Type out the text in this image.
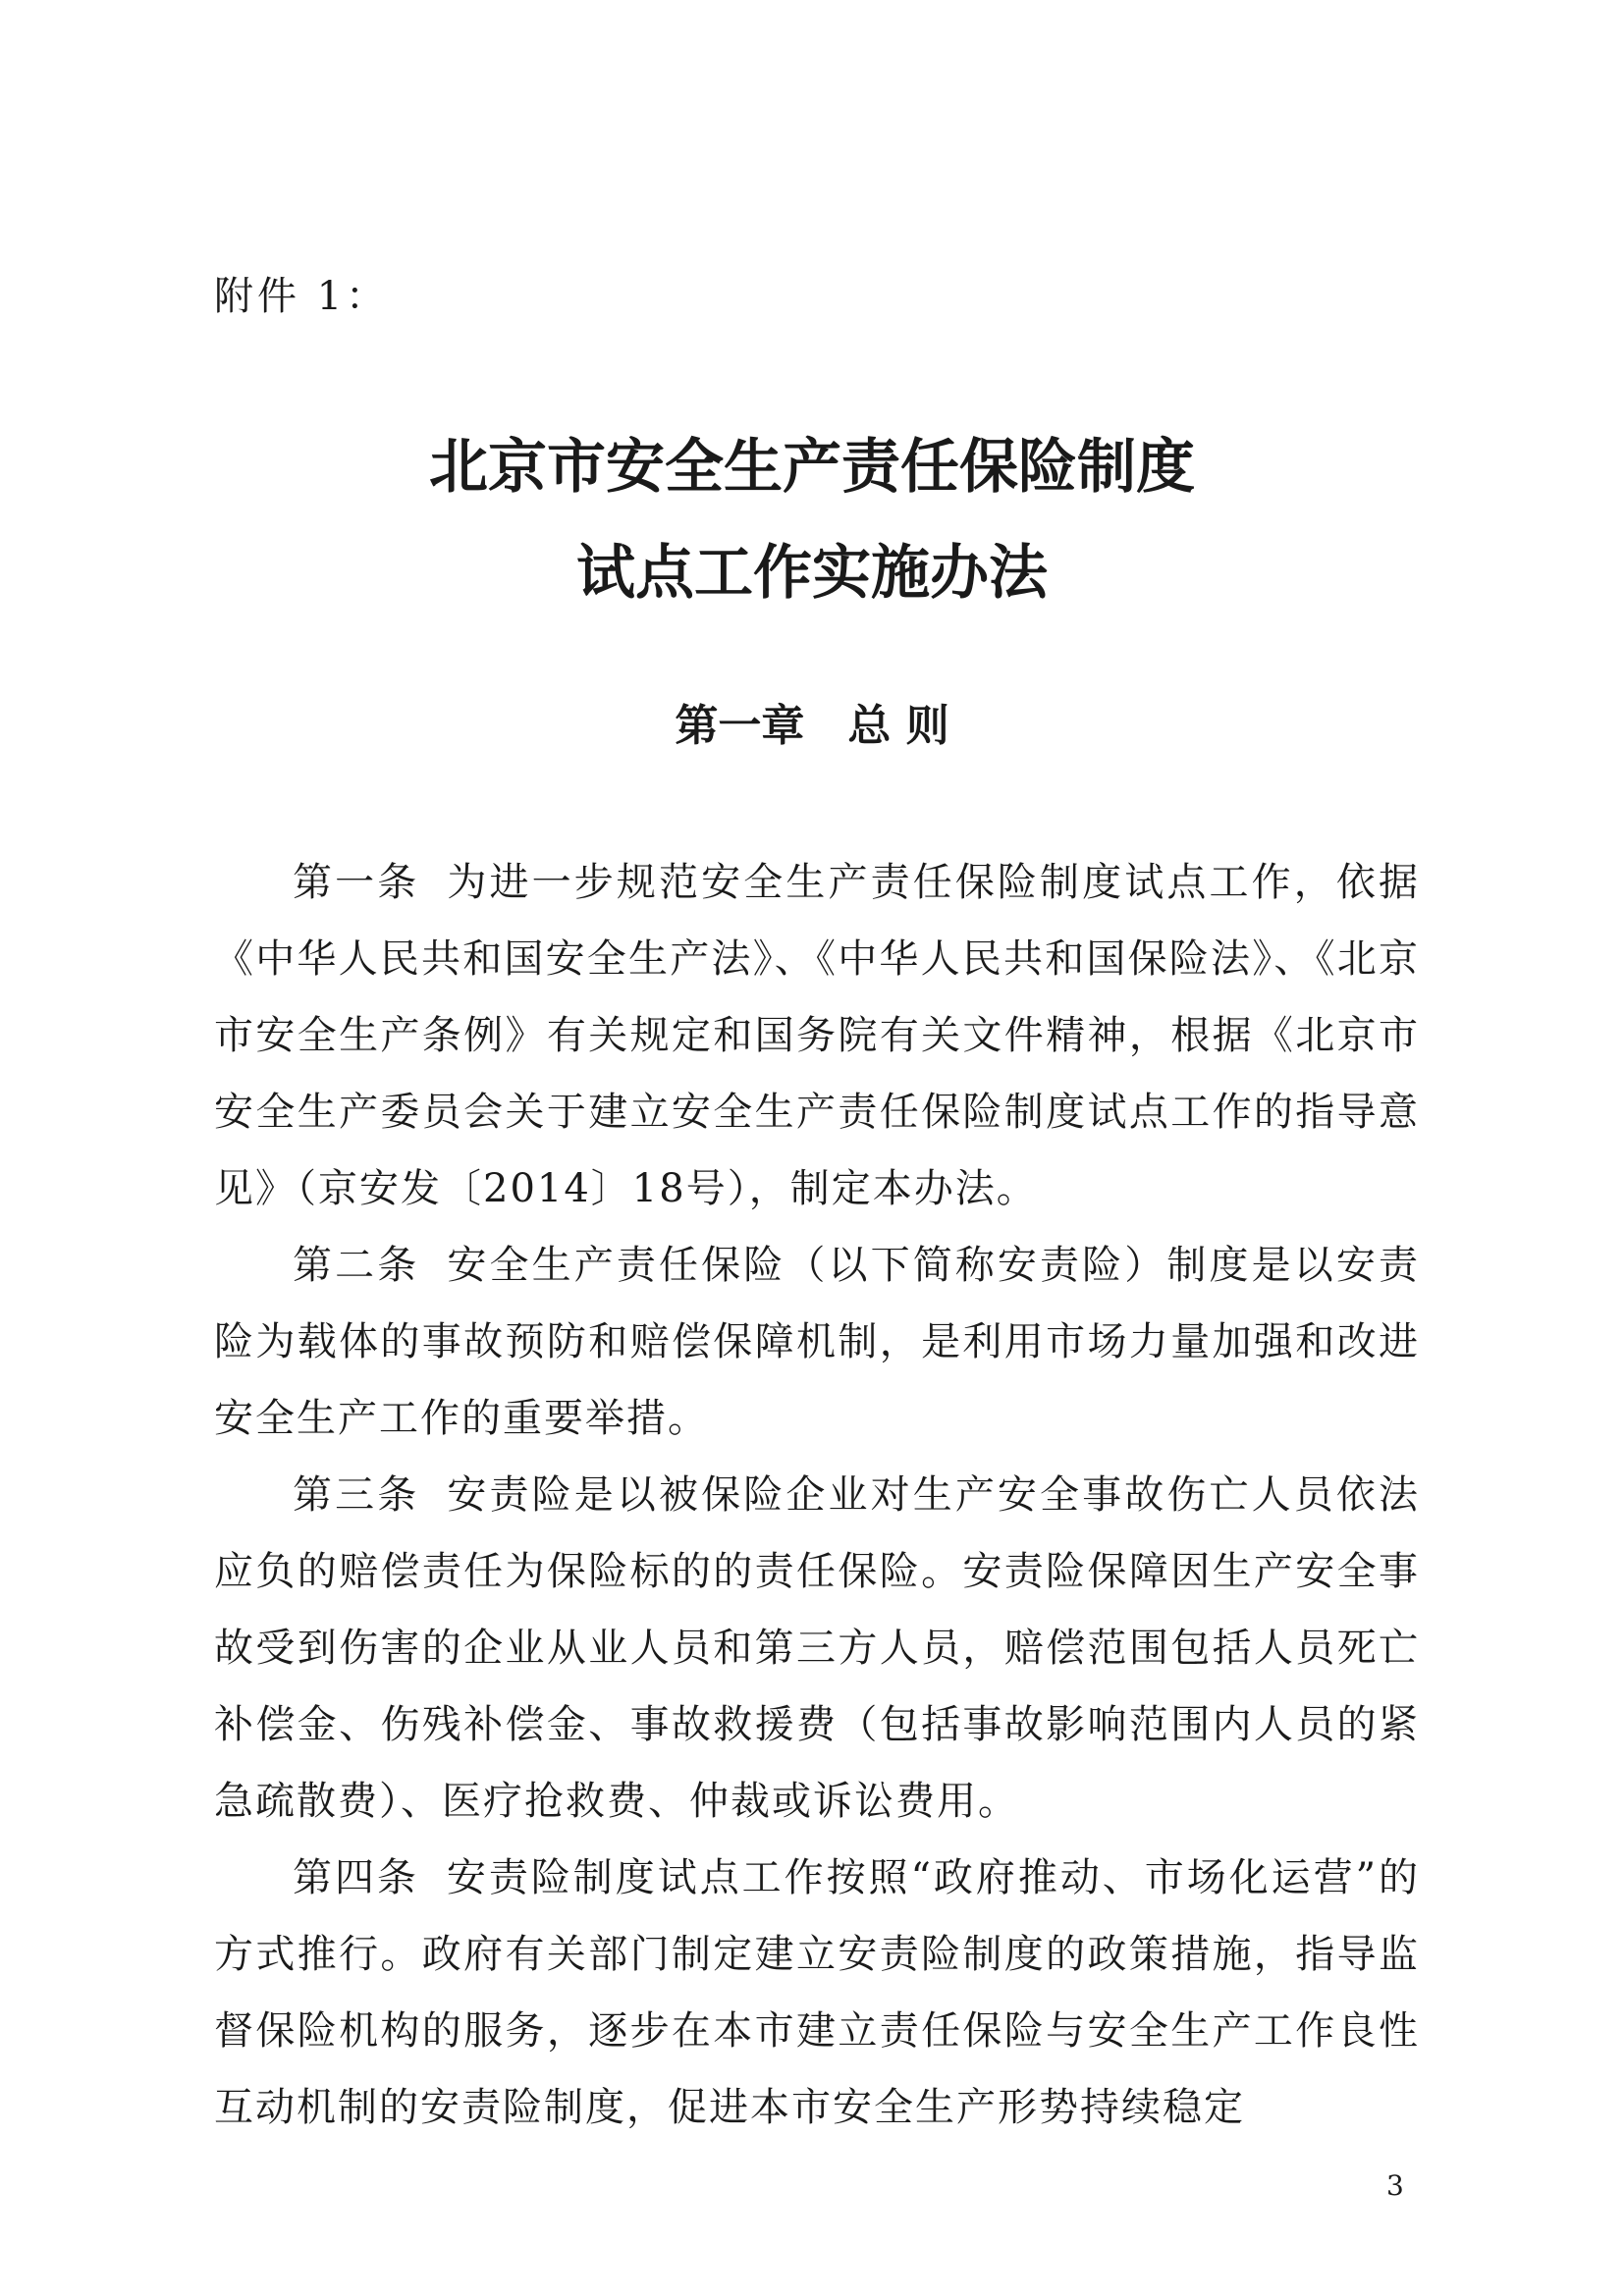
附件 1：

北京市安全生产责任保险制度
试点工作实施办法
第一章 总 则

第一条 为进一步规范安全生产责任保险制度试点工作，依据《中华人民共和国安全生产法》、《中华人民共和国保险法》、《北京市安全生产条例》有关规定和国务院有关文件精神，根据《北京市安全生产委员会关于建立安全生产责任保险制度试点工作的指导意见》（京安发〔2014〕18号），制定本办法。

第二条 安全生产责任保险（以下简称安责险）制度是以安责险为载体的事故预防和赔偿保障机制，是利用市场力量加强和改进安全生产工作的重要举措。

第三条 安责险是以被保险企业对生产安全事故伤亡人员依法应负的赔偿责任为保险标的的责任保险。安责险保障因生产安全事故受到伤害的企业从业人员和第三方人员，赔偿范围包括人员死亡补偿金、伤残补偿金、事故救援费（包括事故影响范围内人员的紧急疏散费）、医疗抢救费、仲裁或诉讼费用。

第四条 安责险制度试点工作按照“政府推动、市场化运营”的方式推行。政府有关部门制定建立安责险制度的政策措施，指导监督保险机构的服务，逐步在本市建立责任保险与安全生产工作良性互动机制的安责险制度，促进本市安全生产形势持续稳定

3
